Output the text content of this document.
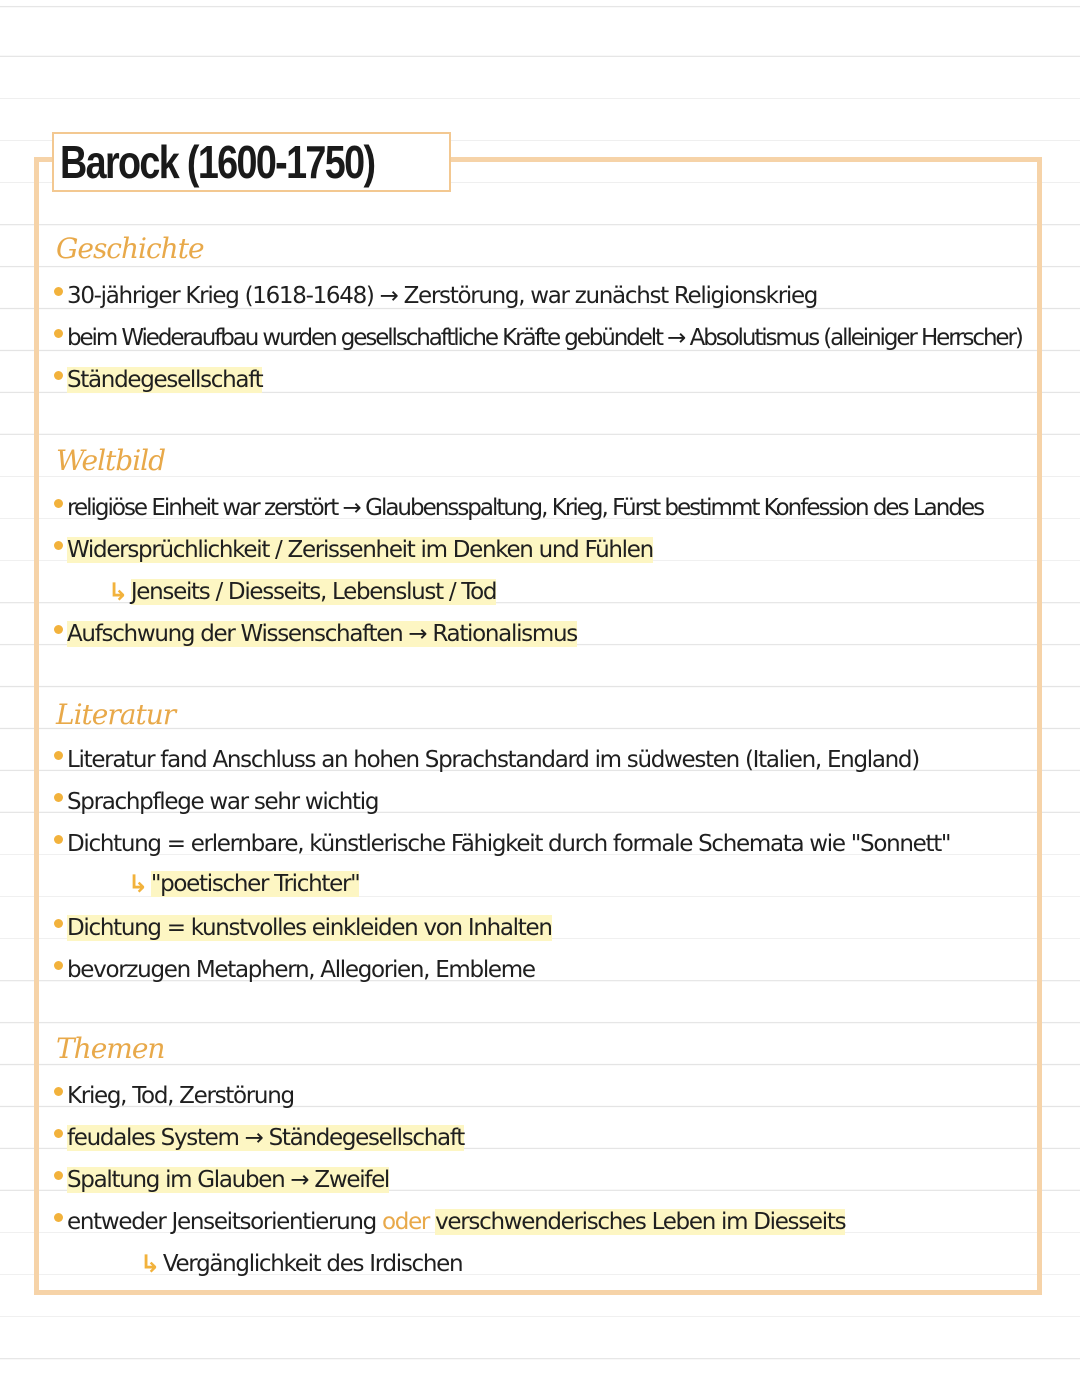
Barock (1600-1750)
Geschichte
30-jähriger Krieg (1618-1648) → Zerstörung, war zunächst Religionskrieg
beim Wiederaufbau wurden gesellschaftliche Kräfte gebündelt → Absolutismus (alleiniger Herrscher)
Ständegesellschaft
Weltbild
religiöse Einheit war zerstört → Glaubensspaltung, Krieg, Fürst bestimmt Konfession des Landes
Widersprüchlichkeit / Zerissenheit im Denken und Fühlen
↳ Jenseits / Diesseits, Lebenslust / Tod
Aufschwung der Wissenschaften → Rationalismus
Literatur
Literatur fand Anschluss an hohen Sprachstandard im südwesten (Italien, England)
Sprachpflege war sehr wichtig
Dichtung = erlernbare, künstlerische Fähigkeit durch formale Schemata wie "Sonnett"
↳ "poetischer Trichter"
Dichtung = kunstvolles einkleiden von Inhalten
bevorzugen Metaphern, Allegorien, Embleme
Themen
Krieg, Tod, Zerstörung
feudales System → Ständegesellschaft
Spaltung im Glauben → Zweifel
entweder Jenseitsorientierung
oder
verschwenderisches Leben im Diesseits
↳ Vergänglichkeit des Irdischen
